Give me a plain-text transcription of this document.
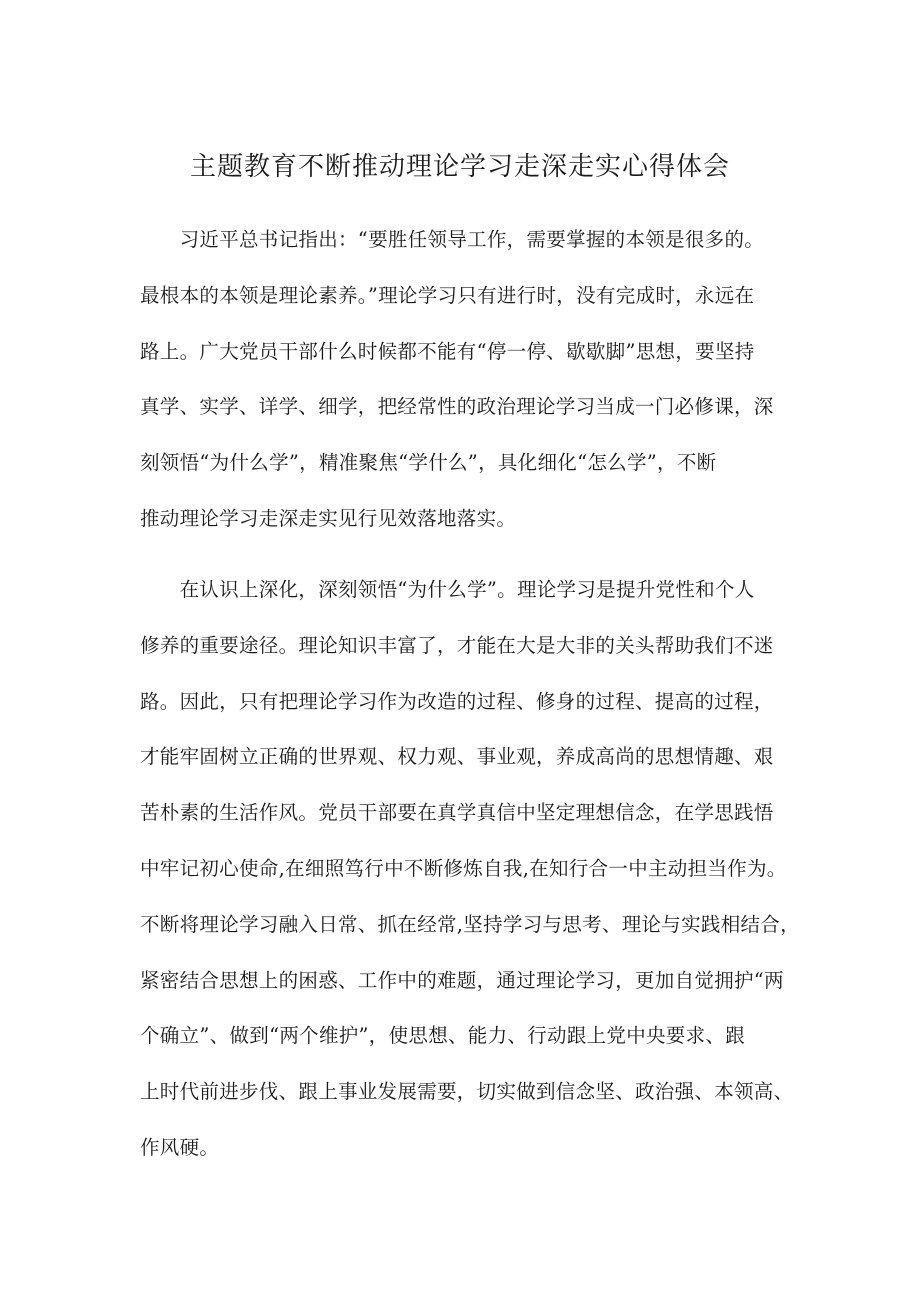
主题教育不断推动理论学习走深走实心得体会
　　习近平总书记指出：“要胜任领导工作，需要掌握的本领是很多的。
最根本的本领是理论素养。”理论学习只有进行时，没有完成时，永远在
路上。广大党员干部什么时候都不能有“停一停、歇歇脚”思想，要坚持
真学、实学、详学、细学，把经常性的政治理论学习当成一门必修课，深
刻领悟“为什么学”，精准聚焦“学什么”，具化细化“怎么学”，不断
推动理论学习走深走实见行见效落地落实。
　　在认识上深化，深刻领悟“为什么学”。理论学习是提升党性和个人
修养的重要途径。理论知识丰富了，才能在大是大非的关头帮助我们不迷
路。因此，只有把理论学习作为改造的过程、修身的过程、提高的过程，
才能牢固树立正确的世界观、权力观、事业观，养成高尚的思想情趣、艰
苦朴素的生活作风。党员干部要在真学真信中坚定理想信念，在学思践悟
中牢记初心使命,在细照笃行中不断修炼自我,在知行合一中主动担当作为。
不断将理论学习融入日常、抓在经常,坚持学习与思考、理论与实践相结合，
紧密结合思想上的困惑、工作中的难题，通过理论学习，更加自觉拥护“两
个确立”、做到“两个维护”，使思想、能力、行动跟上党中央要求、跟
上时代前进步伐、跟上事业发展需要，切实做到信念坚、政治强、本领高、
作风硬。
